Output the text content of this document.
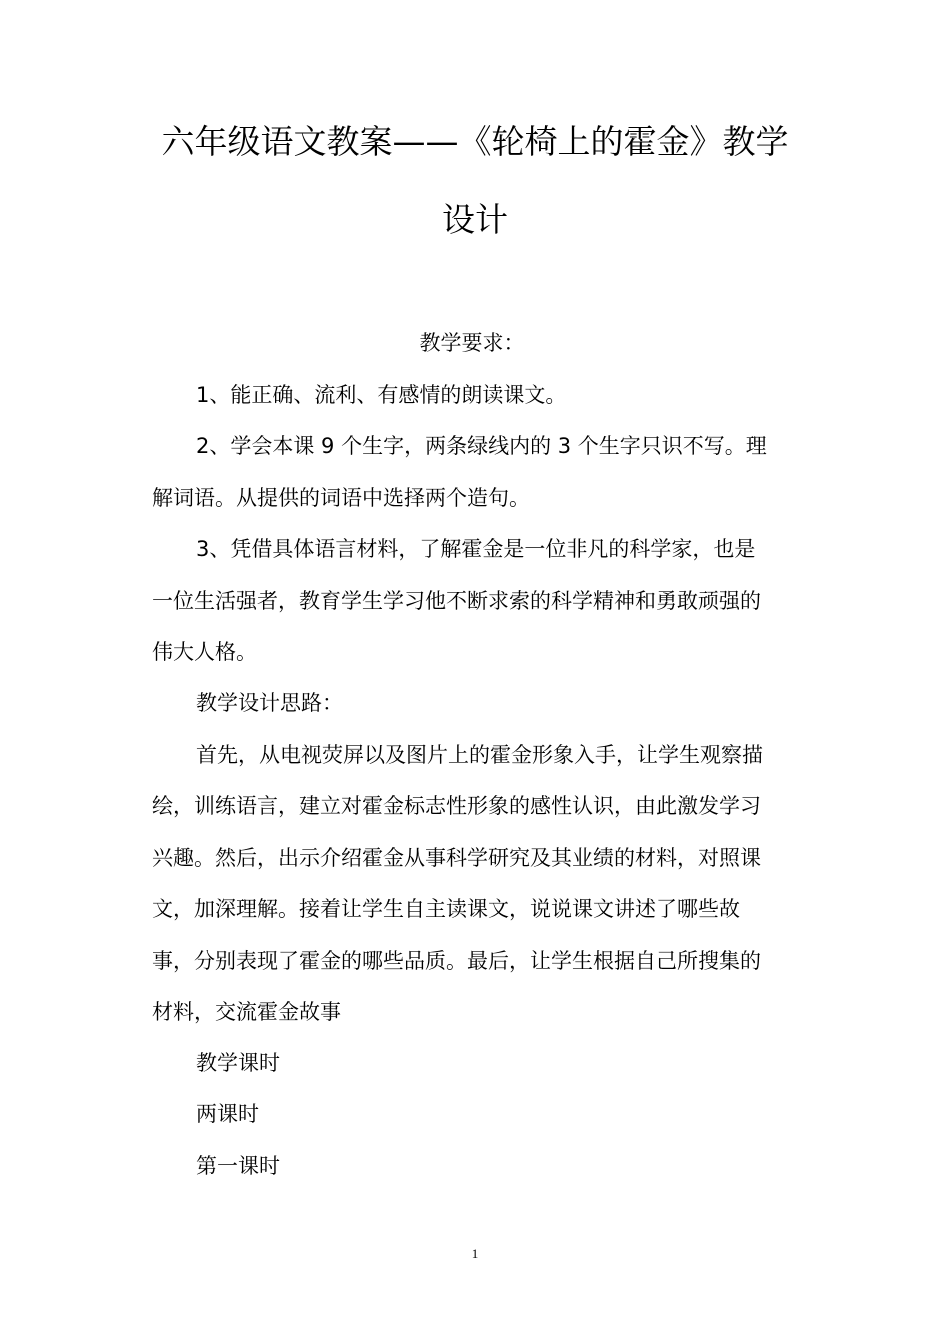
六年级语文教案——《轮椅上的霍金》教学
设计
教学要求：
1、能正确、流利、有感情的朗读课文。
2、学会本课 9 个生字，两条绿线内的 3 个生字只识不写。理
解词语。从提供的词语中选择两个造句。
3、凭借具体语言材料，了解霍金是一位非凡的科学家，也是
一位生活强者，教育学生学习他不断求索的科学精神和勇敢顽强的
伟大人格。
教学设计思路：
首先，从电视荧屏以及图片上的霍金形象入手，让学生观察描
绘，训练语言，建立对霍金标志性形象的感性认识，由此激发学习
兴趣。然后，出示介绍霍金从事科学研究及其业绩的材料，对照课
文，加深理解。接着让学生自主读课文，说说课文讲述了哪些故
事，分别表现了霍金的哪些品质。最后，让学生根据自己所搜集的
材料，交流霍金故事
教学课时
两课时
第一课时
1
